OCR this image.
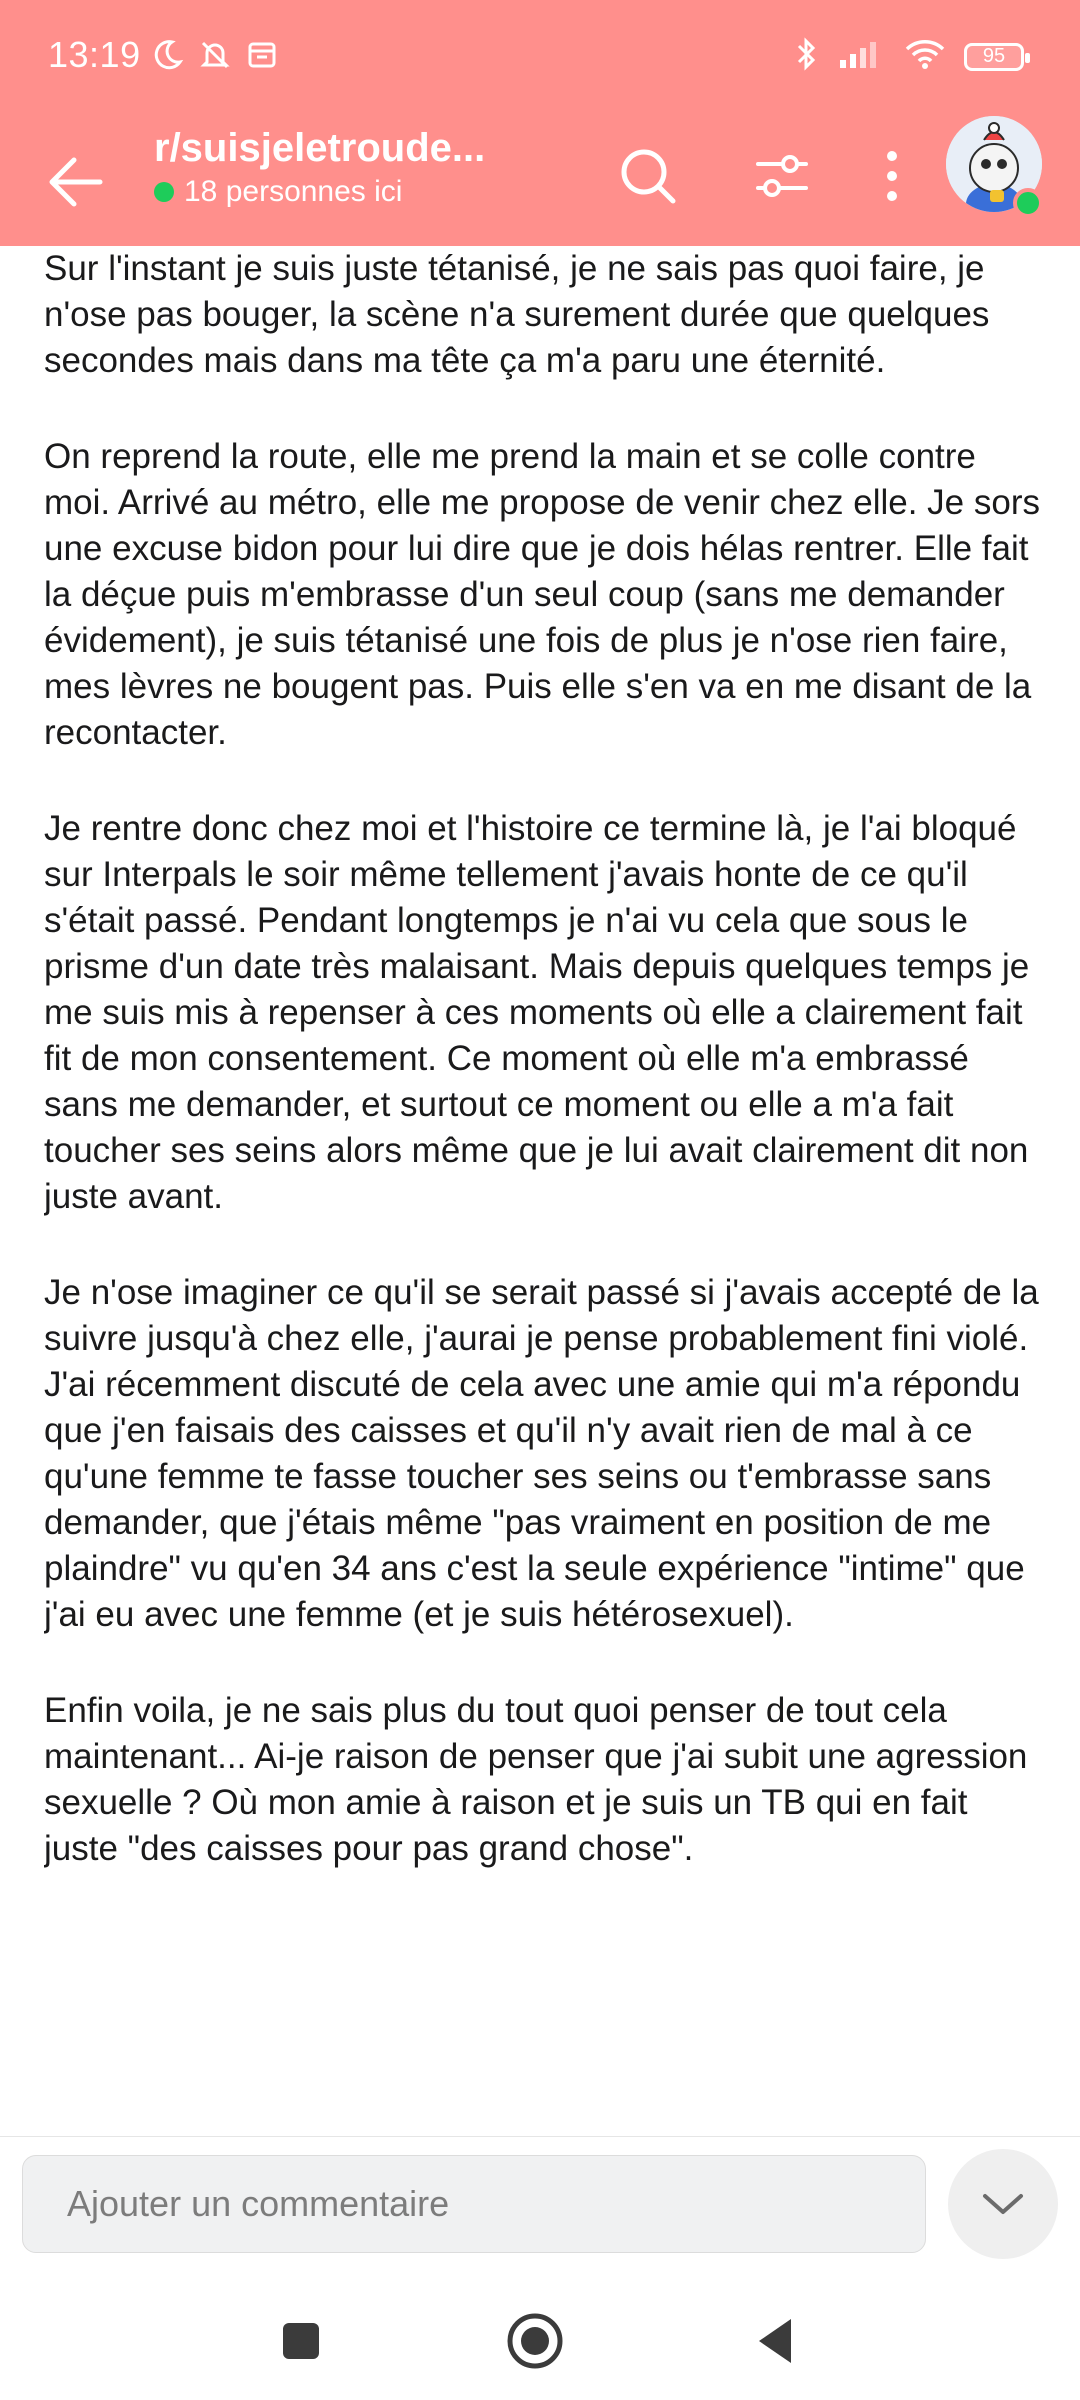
13:19	95
r/suisjeletroude...
18 personnes ici

Sur l'instant je suis juste tétanisé, je ne sais pas quoi faire, je n'ose pas bouger, la scène n'a surement durée que quelques secondes mais dans ma tête ça m'a paru une éternité.

On reprend la route, elle me prend la main et se colle contre moi. Arrivé au métro, elle me propose de venir chez elle. Je sors une excuse bidon pour lui dire que je dois hélas rentrer. Elle fait la déçue puis m'embrasse d'un seul coup (sans me demander évidement), je suis tétanisé une fois de plus je n'ose rien faire, mes lèvres ne bougent pas. Puis elle s'en va en me disant de la recontacter.

Je rentre donc chez moi et l'histoire ce termine là, je l'ai bloqué sur Interpals le soir même tellement j'avais honte de ce qu'il s'était passé. Pendant longtemps je n'ai vu cela que sous le prisme d'un date très malaisant. Mais depuis quelques temps je me suis mis à repenser à ces moments où elle a clairement fait fit de mon consentement. Ce moment où elle m'a embrassé sans me demander, et surtout ce moment ou elle a m'a fait toucher ses seins alors même que je lui avait clairement dit non juste avant.

Je n'ose imaginer ce qu'il se serait passé si j'avais accepté de la suivre jusqu'à chez elle, j'aurai je pense probablement fini violé. J'ai récemment discuté de cela avec une amie qui m'a répondu que j'en faisais des caisses et qu'il n'y avait rien de mal à ce qu'une femme te fasse toucher ses seins ou t'embrasse sans demander, que j'étais même "pas vraiment en position de me plaindre" vu qu'en 34 ans c'est la seule expérience "intime" que j'ai eu avec une femme (et je suis hétérosexuel).

Enfin voila, je ne sais plus du tout quoi penser de tout cela maintenant... Ai-je raison de penser que j'ai subit une agression sexuelle ? Où mon amie à raison et je suis un TB qui en fait juste "des caisses pour pas grand chose".

Ajouter un commentaire
